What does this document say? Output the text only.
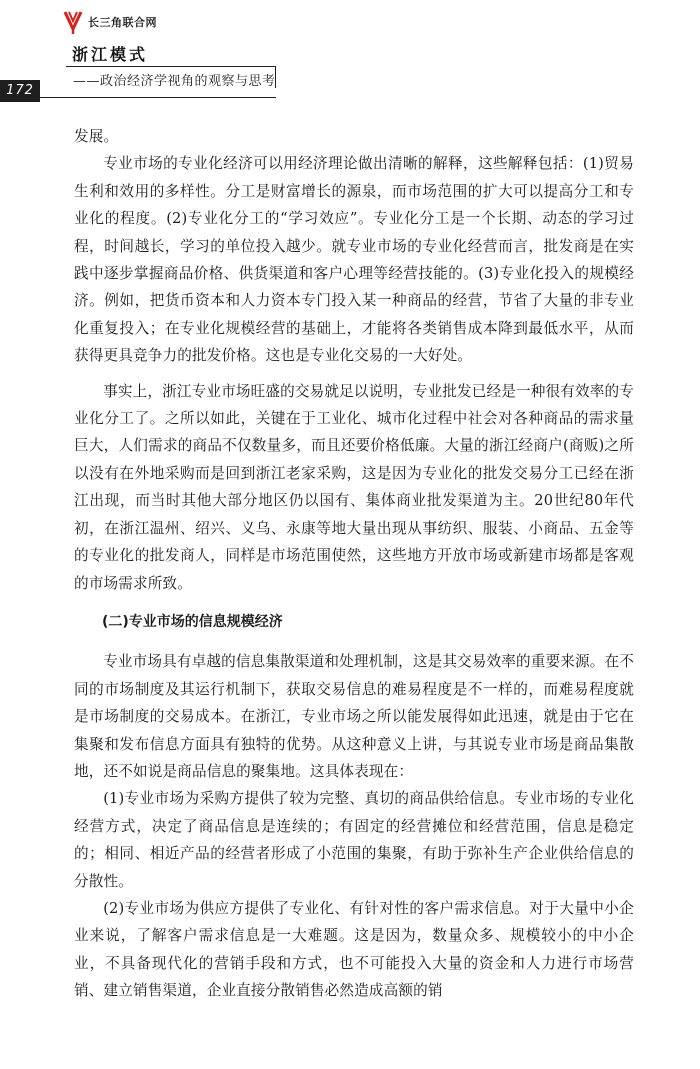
长三角联合网
浙江模式
——政治经济学视角的观察与思考
172

发展。

专业市场的专业化经济可以用经济理论做出清晰的解释，这些解释包括：(1)贸易生利和效用的多样性。分工是财富增长的源泉，而市场范围的扩大可以提高分工和专业化的程度。(2)专业化分工的“学习效应”。专业化分工是一个长期、动态的学习过程，时间越长，学习的单位投入越少。就专业市场的专业化经营而言，批发商是在实践中逐步掌握商品价格、供货渠道和客户心理等经营技能的。(3)专业化投入的规模经济。例如，把货币资本和人力资本专门投入某一种商品的经营，节省了大量的非专业化重复投入；在专业化规模经营的基础上，才能将各类销售成本降到最低水平，从而获得更具竞争力的批发价格。这也是专业化交易的一大好处。

事实上，浙江专业市场旺盛的交易就足以说明，专业批发已经是一种很有效率的专业化分工了。之所以如此，关键在于工业化、城市化过程中社会对各种商品的需求量巨大，人们需求的商品不仅数量多，而且还要价格低廉。大量的浙江经商户(商贩)之所以没有在外地采购而是回到浙江老家采购，这是因为专业化的批发交易分工已经在浙江出现，而当时其他大部分地区仍以国有、集体商业批发渠道为主。20世纪80年代初，在浙江温州、绍兴、义乌、永康等地大量出现从事纺织、服装、小商品、五金等的专业化的批发商人，同样是市场范围使然，这些地方开放市场或新建市场都是客观的市场需求所致。

(二)专业市场的信息规模经济

专业市场具有卓越的信息集散渠道和处理机制，这是其交易效率的重要来源。在不同的市场制度及其运行机制下，获取交易信息的难易程度是不一样的，而难易程度就是市场制度的交易成本。在浙江，专业市场之所以能发展得如此迅速，就是由于它在集聚和发布信息方面具有独特的优势。从这种意义上讲，与其说专业市场是商品集散地，还不如说是商品信息的聚集地。这具体表现在：

(1)专业市场为采购方提供了较为完整、真切的商品供给信息。专业市场的专业化经营方式，决定了商品信息是连续的；有固定的经营摊位和经营范围，信息是稳定的；相同、相近产品的经营者形成了小范围的集聚，有助于弥补生产企业供给信息的分散性。

(2)专业市场为供应方提供了专业化、有针对性的客户需求信息。对于大量中小企业来说，了解客户需求信息是一大难题。这是因为，数量众多、规模较小的中小企业，不具备现代化的营销手段和方式，也不可能投入大量的资金和人力进行市场营销、建立销售渠道，企业直接分散销售必然造成高额的销
